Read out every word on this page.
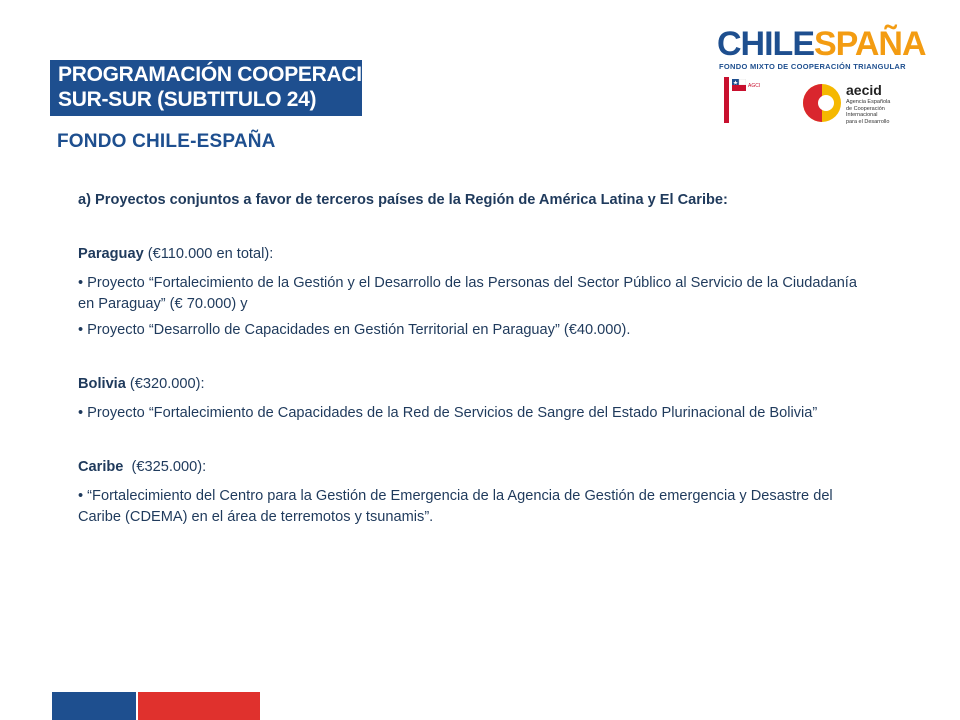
PROGRAMACIÓN COOPERACIÓN
SUR-SUR (SUBTITULO 24)
FONDO CHILE-ESPAÑA
CHILESPAÑA
FONDO MIXTO DE COOPERACIÓN TRIANGULAR
AGCI	aecid
Agencia Española
de Cooperación
Internacional
para el Desarrollo

a) Proyectos conjuntos a favor de terceros países de la Región de América Latina y El Caribe:

Paraguay (€110.000 en total):

• Proyecto “Fortalecimiento de la Gestión y el Desarrollo de las Personas del Sector Público al Servicio de la Ciudadanía en Paraguay” (€ 70.000) y

• Proyecto “Desarrollo de Capacidades en Gestión Territorial en Paraguay” (€40.000).

Bolivia (€320.000):

• Proyecto “Fortalecimiento de Capacidades de la Red de Servicios de Sangre del Estado Plurinacional de Bolivia”

Caribe  (€325.000):

• “Fortalecimiento del Centro para la Gestión de Emergencia de la Agencia de Gestión de emergencia y Desastre del Caribe (CDEMA) en el área de terremotos y tsunamis”.
